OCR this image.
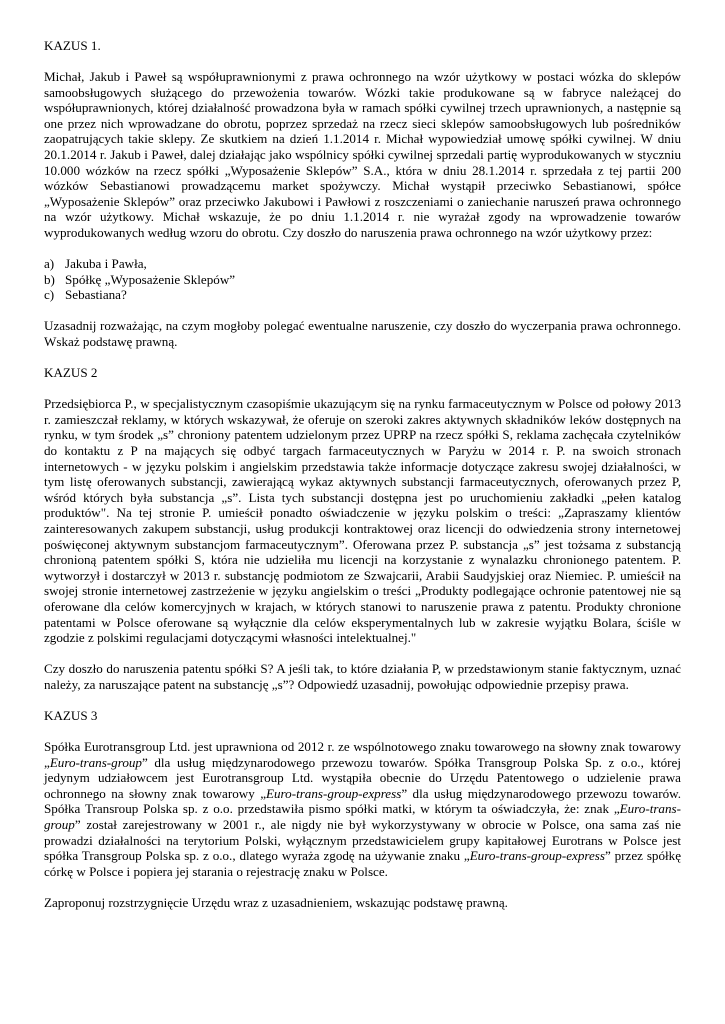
KAZUS 1.

Michał, Jakub i Paweł są współuprawnionymi z prawa ochronnego na wzór użytkowy w postaci wózka do sklepów samoobsługowych służącego do przewożenia towarów. Wózki takie produkowane są w fabryce należącej do współuprawnionych, której działalność prowadzona była w ramach spółki cywilnej trzech uprawnionych, a następnie są one przez nich wprowadzane do obrotu, poprzez sprzedaż na rzecz sieci sklepów samoobsługowych lub pośredników zaopatrujących takie sklepy. Ze skutkiem na dzień 1.1.2014 r. Michał wypowiedział umowę spółki cywilnej. W dniu 20.1.2014 r. Jakub i Paweł, dalej działając jako wspólnicy spółki cywilnej sprzedali partię wyprodukowanych w styczniu 10.000 wózków na rzecz spółki „Wyposażenie Sklepów” S.A., która w dniu 28.1.2014 r. sprzedała z tej partii 200 wózków Sebastianowi prowadzącemu market spożywczy. Michał wystąpił przeciwko Sebastianowi, spółce „Wyposażenie Sklepów” oraz przeciwko Jakubowi i Pawłowi z roszczeniami o zaniechanie naruszeń prawa ochronnego na wzór użytkowy. Michał wskazuje, że po dniu 1.1.2014 r. nie wyrażał zgody na wprowadzenie towarów wyprodukowanych według wzoru do obrotu. Czy doszło do naruszenia prawa ochronnego na wzór użytkowy przez:

a) Jakuba i Pawła,
b) Spółkę „Wyposażenie Sklepów”
c) Sebastiana?

Uzasadnij rozważając, na czym mogłoby polegać ewentualne naruszenie, czy doszło do wyczerpania prawa ochronnego. Wskaż podstawę prawną.

KAZUS 2

Przedsiębiorca P., w specjalistycznym czasopiśmie ukazującym się na rynku farmaceutycznym w Polsce od połowy 2013 r. zamieszczał reklamy, w których wskazywał, że oferuje on szeroki zakres aktywnych składników leków dostępnych na rynku, w tym środek „s” chroniony patentem udzielonym przez UPRP na rzecz spółki S, reklama zachęcała czytelników do kontaktu z P na mających się odbyć targach farmaceutycznych w Paryżu w 2014 r. P. na swoich stronach internetowych - w języku polskim i angielskim przedstawia także informacje dotyczące zakresu swojej działalności, w tym listę oferowanych substancji, zawierającą wykaz aktywnych substancji farmaceutycznych, oferowanych przez P, wśród których była substancja „s”. Lista tych substancji dostępna jest po uruchomieniu zakładki „pełen katalog produktów". Na tej stronie P. umieścił ponadto oświadczenie w języku polskim o treści: „Zapraszamy klientów zainteresowanych zakupem substancji, usług produkcji kontraktowej oraz licencji do odwiedzenia strony internetowej poświęconej aktywnym substancjom farmaceutycznym”. Oferowana przez P. substancja „s” jest tożsama z substancją chronioną patentem spółki S, która nie udzieliła mu licencji na korzystanie z wynalazku chronionego patentem. P. wytworzył i dostarczył w 2013 r. substancję podmiotom ze Szwajcarii, Arabii Saudyjskiej oraz Niemiec. P. umieścił na swojej stronie internetowej zastrzeżenie w języku angielskim o treści „Produkty podlegające ochronie patentowej nie są oferowane dla celów komercyjnych w krajach, w których stanowi to naruszenie prawa z patentu. Produkty chronione patentami w Polsce oferowane są wyłącznie dla celów eksperymentalnych lub w zakresie wyjątku Bolara, ściśle w zgodzie z polskimi regulacjami dotyczącymi własności intelektualnej."

Czy doszło do naruszenia patentu spółki S? A jeśli tak, to które działania P, w przedstawionym stanie faktycznym, uznać należy, za naruszające patent na substancję „s”? Odpowiedź uzasadnij, powołując odpowiednie przepisy prawa.

KAZUS 3

Spółka Eurotransgroup Ltd. jest uprawniona od 2012 r. ze wspólnotowego znaku towarowego na słowny znak towarowy „Euro-trans-group” dla usług międzynarodowego przewozu towarów. Spółka Transgroup Polska Sp. z o.o., której jedynym udziałowcem jest Eurotransgroup Ltd. wystąpiła obecnie do Urzędu Patentowego o udzielenie prawa ochronnego na słowny znak towarowy „Euro-trans-group-express” dla usług międzynarodowego przewozu towarów. Spółka Transroup Polska sp. z o.o. przedstawiła pismo spółki matki, w którym ta oświadczyła, że: znak „Euro-trans-group” został zarejestrowany w 2001 r., ale nigdy nie był wykorzystywany w obrocie w Polsce, ona sama zaś nie prowadzi działalności na terytorium Polski, wyłącznym przedstawicielem grupy kapitałowej Eurotrans w Polsce jest spółka Transgroup Polska sp. z o.o., dlatego wyraża zgodę na używanie znaku „Euro-trans-group-express” przez spółkę córkę w Polsce i popiera jej starania o rejestrację znaku w Polsce.

Zaproponuj rozstrzygnięcie Urzędu wraz z uzasadnieniem, wskazując podstawę prawną.
